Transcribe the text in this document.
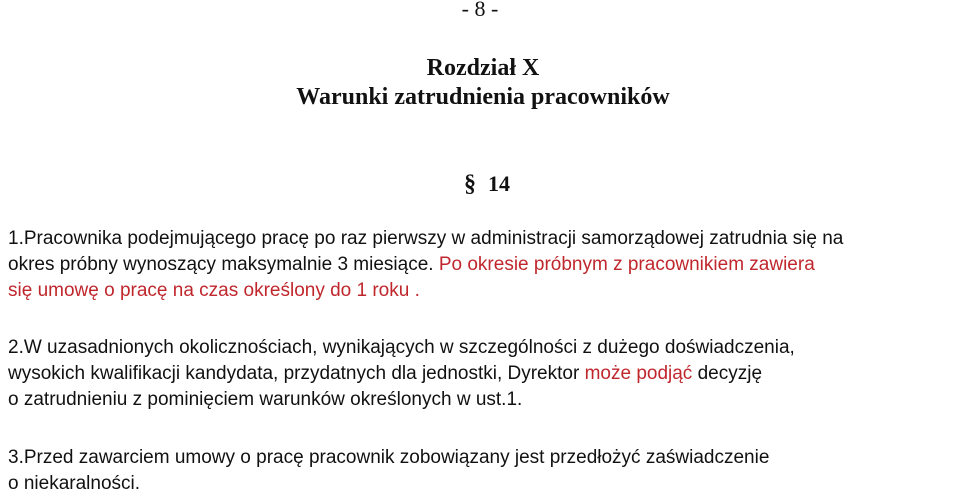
- 8 -
Rozdział X
Warunki zatrudnienia pracowników
§ 14
1.Pracownika podejmującego pracę po raz pierwszy w administracji samorządowej zatrudnia się na
okres próbny wynoszący maksymalnie 3 miesiące. Po okresie próbnym z pracownikiem zawiera
się umowę o pracę na czas określony do 1 roku .
2.W uzasadnionych okolicznościach, wynikających w szczególności z dużego doświadczenia,
wysokich kwalifikacji kandydata, przydatnych dla jednostki, Dyrektor może podjąć decyzję
o zatrudnieniu z pominięciem warunków określonych w ust.1.
3.Przed zawarciem umowy o pracę pracownik zobowiązany jest przedłożyć zaświadczenie
o niekaralności.
